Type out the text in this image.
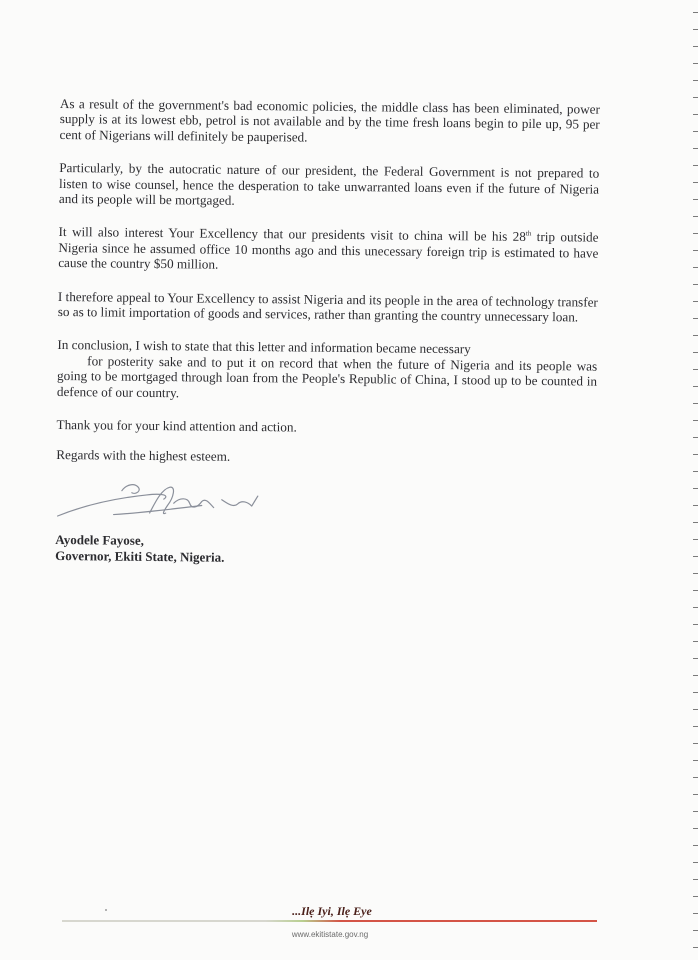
As a result of the government's bad economic policies, the middle class has been eliminated, power supply is at its lowest ebb, petrol is not available and by the time fresh loans begin to pile up, 95 per cent of Nigerians will definitely be pauperised.

Particularly, by the autocratic nature of our president, the Federal Government is not prepared to listen to wise counsel, hence the desperation to take unwarranted loans even if the future of Nigeria and its people will be mortgaged.

It will also interest Your Excellency that our presidents visit to china will be his 28th trip outside Nigeria since he assumed office 10 months ago and this unecessary foreign trip is estimated to have cause the country $50 million.

I therefore appeal to Your Excellency to assist Nigeria and its people in the area of technology transfer so as to limit importation of goods and services, rather than granting the country unnecessary loan.

In conclusion, I wish to state that this letter and information became necessary
for posterity sake and to put it on record that when the future of Nigeria and its people was going to be mortgaged through loan from the People's Republic of China, I stood up to be counted in defence of our country.

Thank you for your kind attention and action.

Regards with the highest esteem.

Ayodele Fayose,

Governor, Ekiti State, Nigeria.

...Ilẹ Iyi, Ilẹ Eye
www.ekitistate.gov.ng
